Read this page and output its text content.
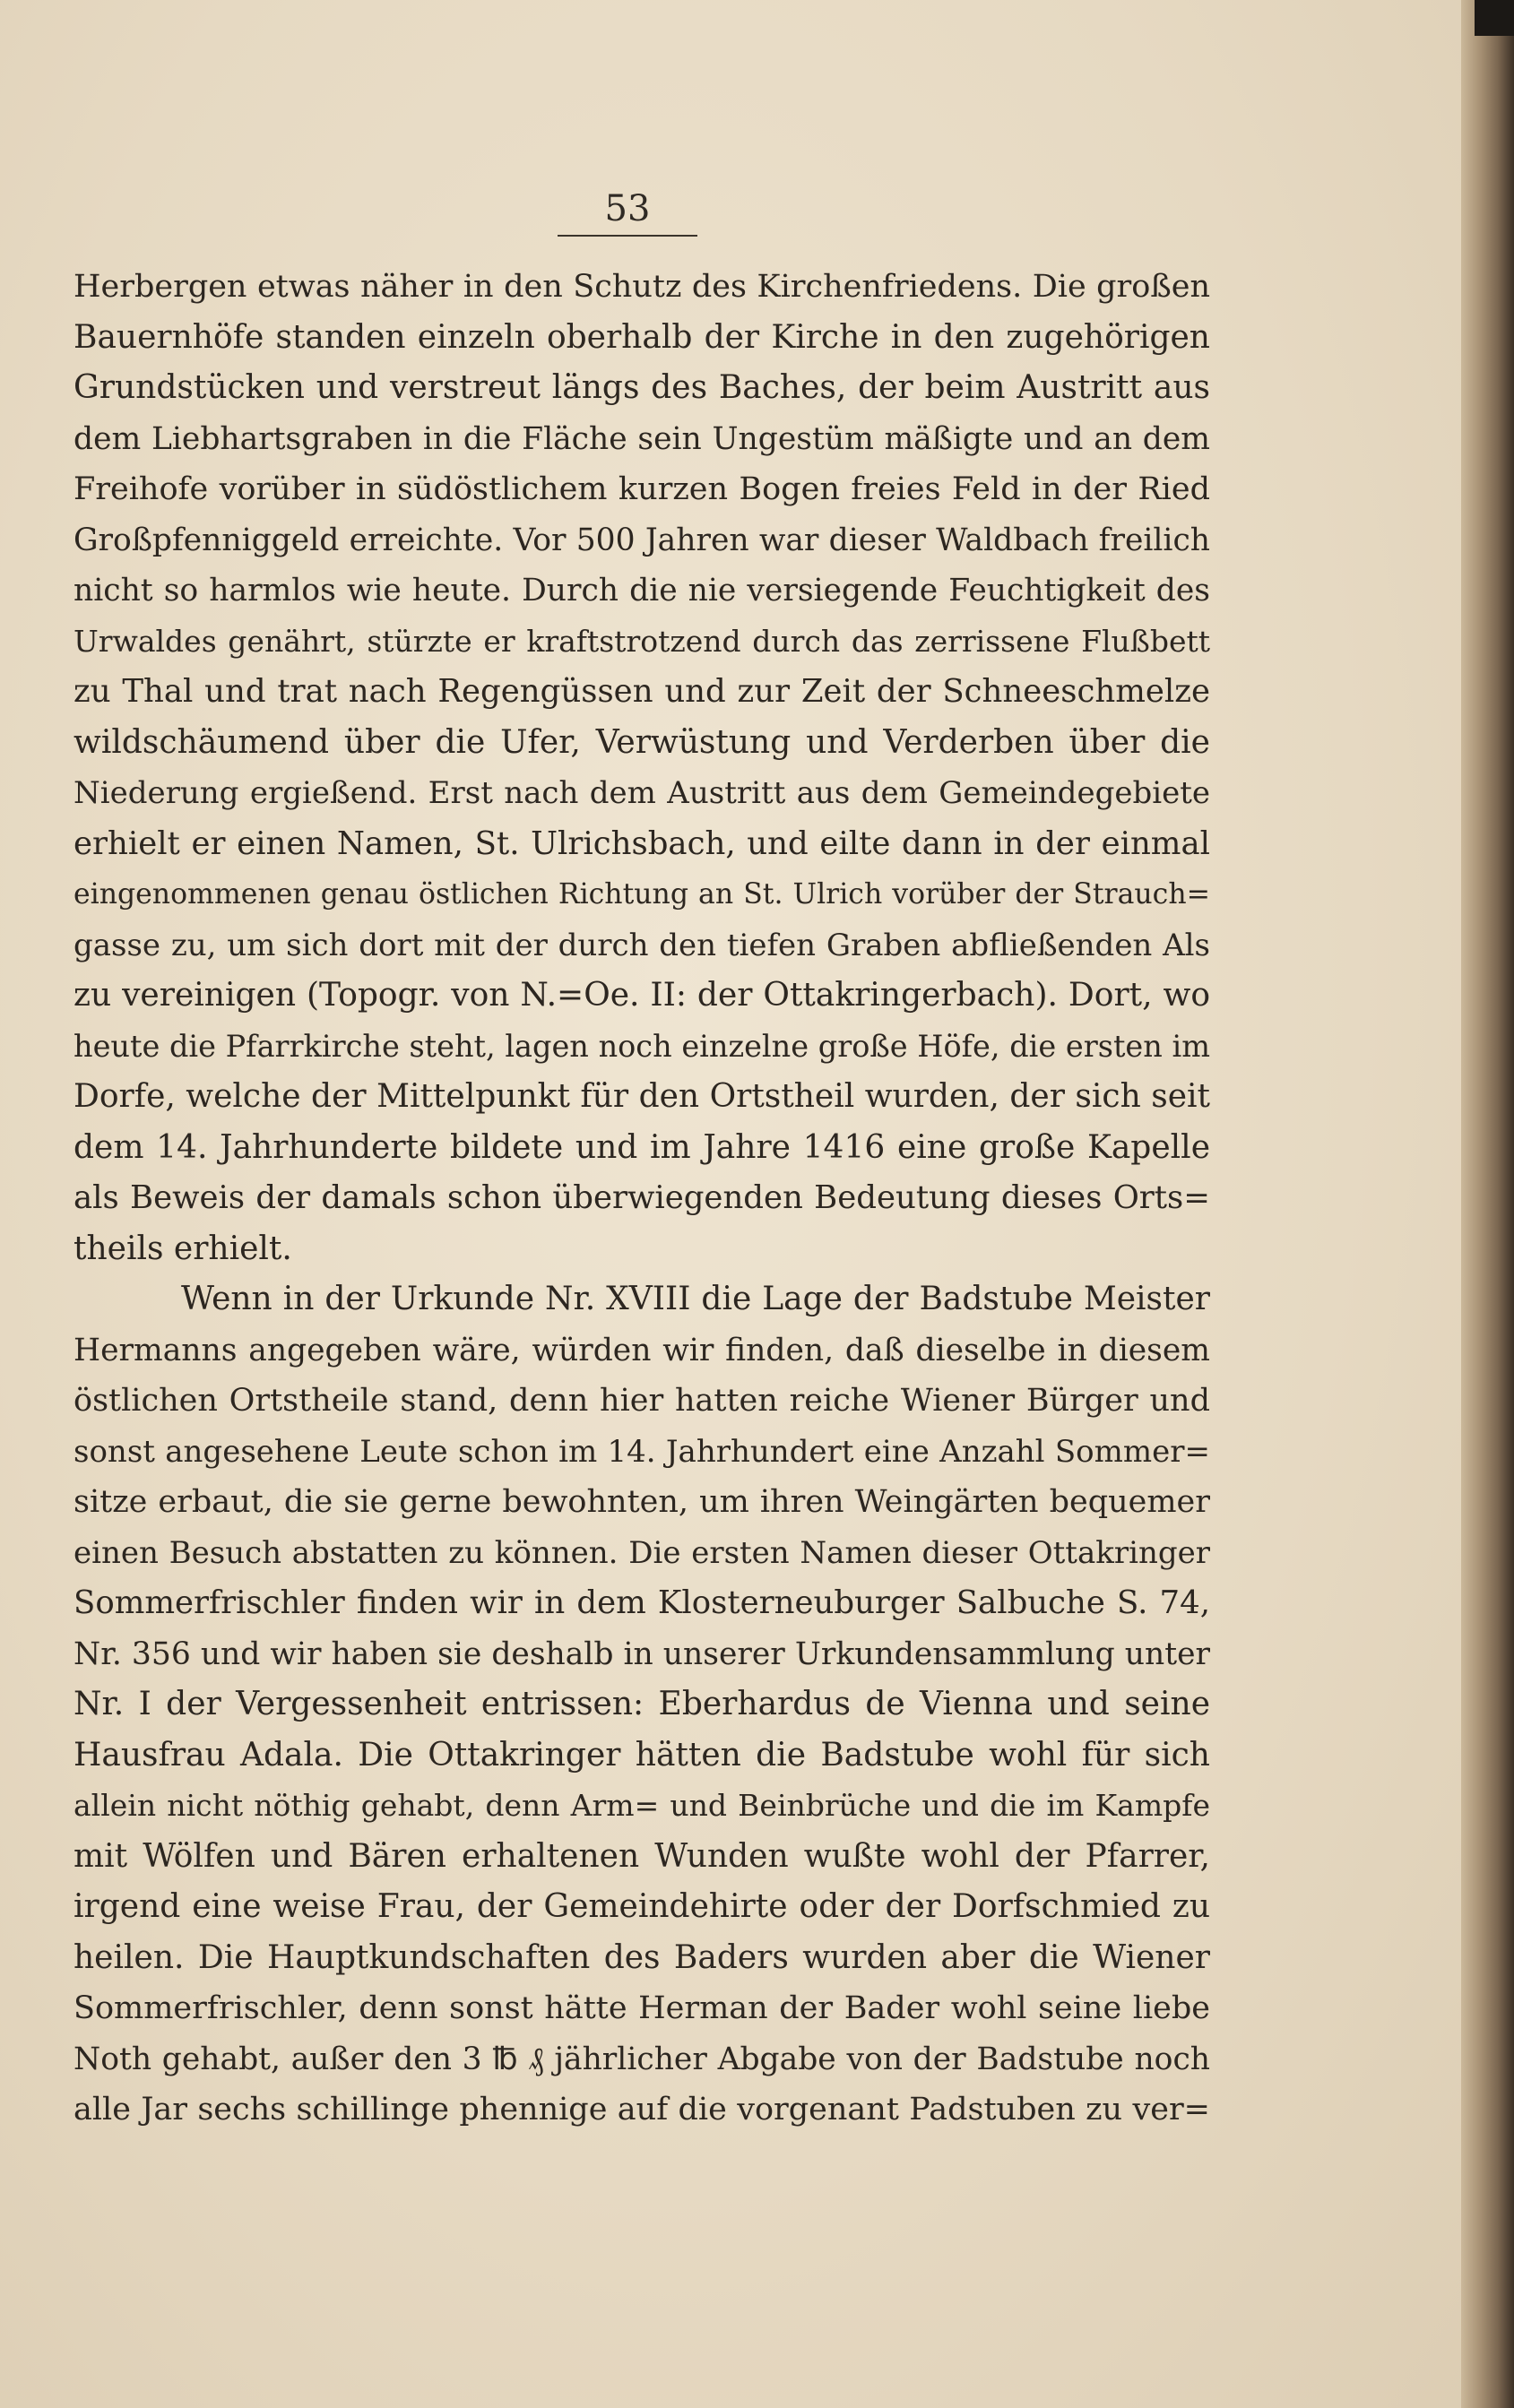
53
Herbergen etwas näher in den Schutz des Kirchenfriedens. Die großen
Bauernhöfe standen einzeln oberhalb der Kirche in den zugehörigen
Grundstücken und verstreut längs des Baches, der beim Austritt aus
dem Liebhartsgraben in die Fläche sein Ungestüm mäßigte und an dem
Freihofe vorüber in südöstlichem kurzen Bogen freies Feld in der Ried
Großpfenniggeld erreichte. Vor 500 Jahren war dieser Waldbach freilich
nicht so harmlos wie heute. Durch die nie versiegende Feuchtigkeit des
Urwaldes genährt, stürzte er kraftstrotzend durch das zerrissene Flußbett
zu Thal und trat nach Regengüssen und zur Zeit der Schneeschmelze
wildschäumend über die Ufer, Verwüstung und Verderben über die
Niederung ergießend. Erst nach dem Austritt aus dem Gemeindegebiete
erhielt er einen Namen, St. Ulrichsbach, und eilte dann in der einmal
eingenommenen genau östlichen Richtung an St. Ulrich vorüber der Strauch=
gasse zu, um sich dort mit der durch den tiefen Graben abfließenden Als
zu vereinigen (Topogr. von N.=Oe. II: der Ottakringerbach). Dort, wo
heute die Pfarrkirche steht, lagen noch einzelne große Höfe, die ersten im
Dorfe, welche der Mittelpunkt für den Ortstheil wurden, der sich seit
dem 14. Jahrhunderte bildete und im Jahre 1416 eine große Kapelle
als Beweis der damals schon überwiegenden Bedeutung dieses Orts=
theils erhielt.
Wenn in der Urkunde Nr. XVIII die Lage der Badstube Meister
Hermanns angegeben wäre, würden wir finden, daß dieselbe in diesem
östlichen Ortstheile stand, denn hier hatten reiche Wiener Bürger und
sonst angesehene Leute schon im 14. Jahrhundert eine Anzahl Sommer=
sitze erbaut, die sie gerne bewohnten, um ihren Weingärten bequemer
einen Besuch abstatten zu können. Die ersten Namen dieser Ottakringer
Sommerfrischler finden wir in dem Klosterneuburger Salbuche S. 74,
Nr. 356 und wir haben sie deshalb in unserer Urkundensammlung unter
Nr. I der Vergessenheit entrissen: Eberhardus de Vienna und seine
Hausfrau Adala. Die Ottakringer hätten die Badstube wohl für sich
allein nicht nöthig gehabt, denn Arm= und Beinbrüche und die im Kampfe
mit Wölfen und Bären erhaltenen Wunden wußte wohl der Pfarrer,
irgend eine weise Frau, der Gemeindehirte oder der Dorfschmied zu
heilen. Die Hauptkundschaften des Baders wurden aber die Wiener
Sommerfrischler, denn sonst hätte Herman der Bader wohl seine liebe
Noth gehabt, außer den 3 ℔ ₰ jährlicher Abgabe von der Badstube noch
alle Jar sechs schillinge phennige auf die vorgenant Padstuben zu ver=
